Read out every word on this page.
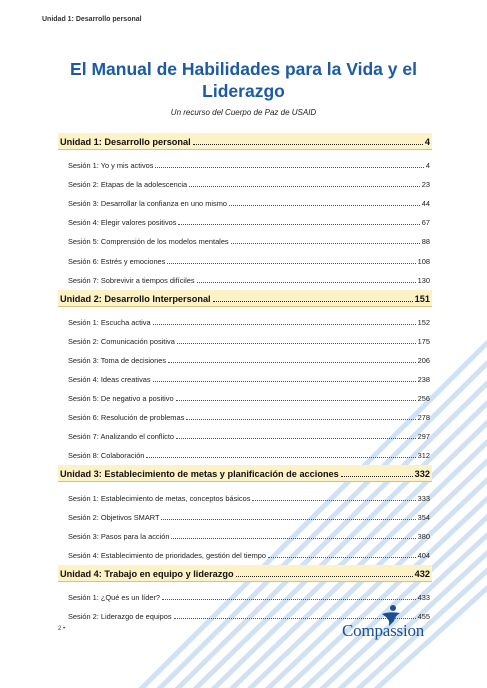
Unidad 1: Desarrollo personal
El Manual de Habilidades para la Vida y el Liderazgo
Un recurso del Cuerpo de Paz de USAID
Unidad 1: Desarrollo personal	4
Sesión 1: Yo y mis activos	4
Sesión 2: Etapas de la adolescencia	23
Sesión 3: Desarrollar la confianza en uno mismo	44
Sesión 4: Elegir valores positivos	67
Sesión 5: Comprensión de los modelos mentales	88
Sesión 6: Estrés y emociones	108
Sesión 7: Sobrevivir a tiempos difíciles	130
Unidad 2: Desarrollo Interpersonal	151
Sesión 1: Escucha activa	152
Sesión 2: Comunicación positiva	175
Sesión 3: Toma de decisiones	206
Sesión 4: Ideas creativas	238
Sesión 5: De negativo a positivo	256
Sesión 6: Resolución de problemas	278
Sesión 7: Analizando el conflicto	297
Sesión 8: Colaboración	312
Unidad 3: Establecimiento de metas y planificación de acciones	332
Sesión 1: Establecimiento de metas, conceptos básicos	333
Sesión 2: Objetivos SMART	354
Sesión 3: Pasos para la acción	380
Sesión 4: Establecimiento de prioridades, gestión del tiempo	404
Unidad 4: Trabajo en equipo y liderazgo	432
Sesión 1: ¿Qué es un líder?	433
Sesión 2: Liderazgo de equipos	455
2 •	Compassion
